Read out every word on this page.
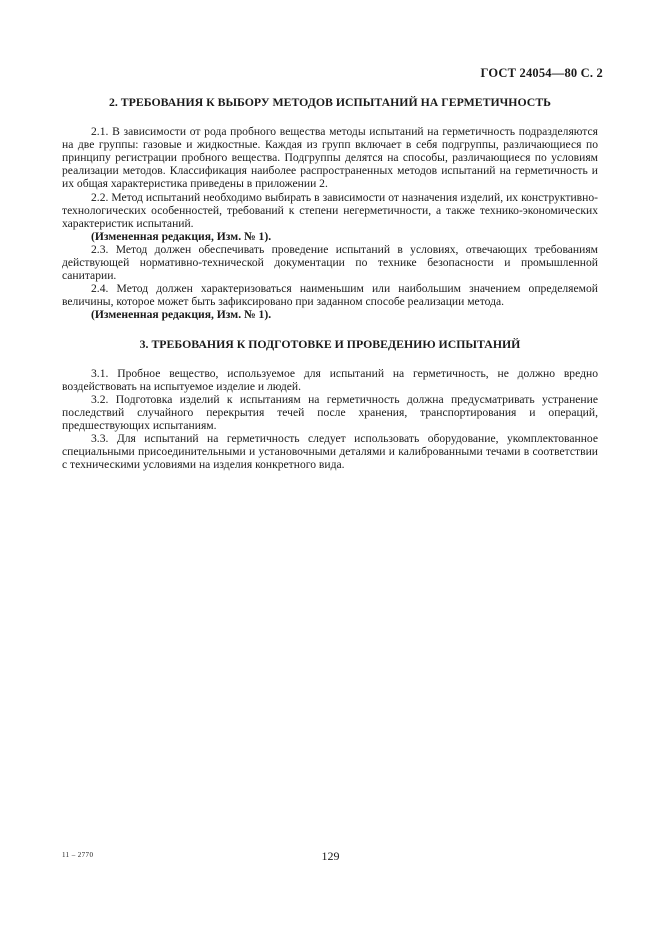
ГОСТ 24054—80 С. 2
2. ТРЕБОВАНИЯ К ВЫБОРУ МЕТОДОВ ИСПЫТАНИЙ НА ГЕРМЕТИЧНОСТЬ

2.1. В зависимости от рода пробного вещества методы испытаний на герметичность подразделяются на две группы: газовые и жидкостные. Каждая из групп включает в себя подгруппы, различающиеся по принципу регистрации пробного вещества. Подгруппы делятся на способы, различающиеся по условиям реализации методов. Классификация наиболее распространенных методов испытаний на герметичность и их общая характеристика приведены в приложении 2.

2.2. Метод испытаний необходимо выбирать в зависимости от назначения изделий, их конструктивно-технологических особенностей, требований к степени негерметичности, а также технико-экономических характеристик испытаний.

(Измененная редакция, Изм. № 1).

2.3. Метод должен обеспечивать проведение испытаний в условиях, отвечающих требованиям действующей нормативно-технической документации по технике безопасности и промышленной санитарии.

2.4. Метод должен характеризоваться наименьшим или наибольшим значением определяемой величины, которое может быть зафиксировано при заданном способе реализации метода.

(Измененная редакция, Изм. № 1).

3. ТРЕБОВАНИЯ К ПОДГОТОВКЕ И ПРОВЕДЕНИЮ ИСПЫТАНИЙ

3.1. Пробное вещество, используемое для испытаний на герметичность, не должно вредно воздействовать на испытуемое изделие и людей.

3.2. Подготовка изделий к испытаниям на герметичность должна предусматривать устранение последствий случайного перекрытия течей после хранения, транспортирования и операций, предшествующих испытаниям.

3.3. Для испытаний на герметичность следует использовать оборудование, укомплектованное специальными присоединительными и установочными деталями и калиброванными течами в соответствии с техническими условиями на изделия конкретного вида.

11 – 2770	129
